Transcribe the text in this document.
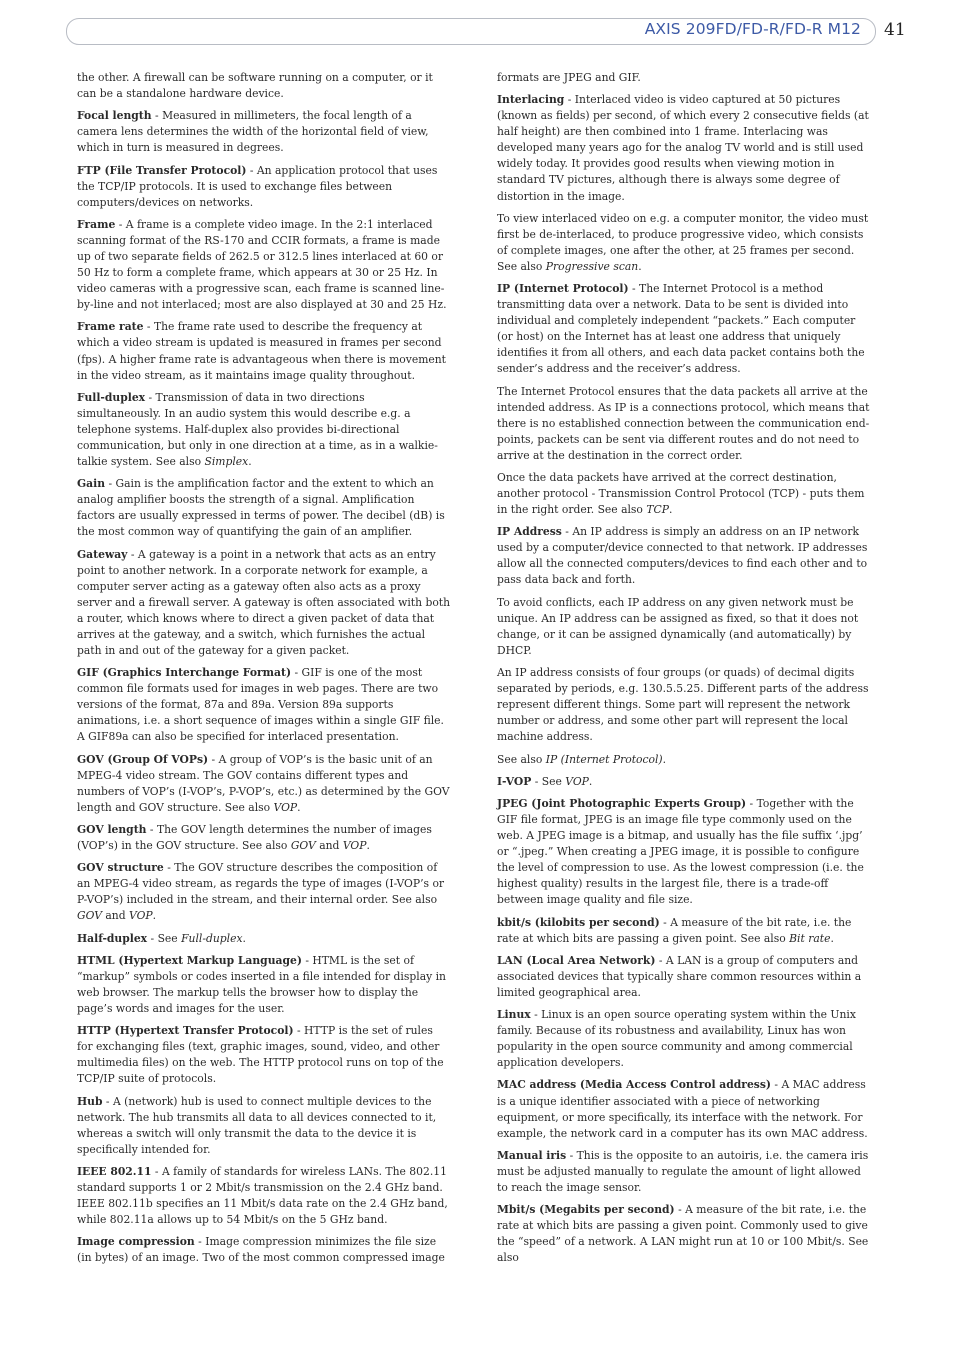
AXIS 209FD/FD-R/FD-R M12 41

the other. A firewall can be software running on a computer, or it can be a standalone hardware device.

Focal length - Measured in millimeters, the focal length of a camera lens determines the width of the horizontal field of view, which in turn is measured in degrees.

FTP (File Transfer Protocol) - An application protocol that uses the TCP/IP protocols. It is used to exchange files between computers/devices on networks.

Frame - A frame is a complete video image. In the 2:1 interlaced scanning format of the RS-170 and CCIR formats, a frame is made up of two separate fields of 262.5 or 312.5 lines interlaced at 60 or 50 Hz to form a complete frame, which appears at 30 or 25 Hz. In video cameras with a progressive scan, each frame is scanned line-by-line and not interlaced; most are also displayed at 30 and 25 Hz.

Frame rate - The frame rate used to describe the frequency at which a video stream is updated is measured in frames per second (fps). A higher frame rate is advantageous when there is movement in the video stream, as it maintains image quality throughout.

Full-duplex - Transmission of data in two directions simultaneously. In an audio system this would describe e.g. a telephone systems. Half-duplex also provides bi-directional communication, but only in one direction at a time, as in a walkie-talkie system. See also Simplex.

Gain - Gain is the amplification factor and the extent to which an analog amplifier boosts the strength of a signal. Amplification factors are usually expressed in terms of power. The decibel (dB) is the most common way of quantifying the gain of an amplifier.

Gateway - A gateway is a point in a network that acts as an entry point to another network. In a corporate network for example, a computer server acting as a gateway often also acts as a proxy server and a firewall server. A gateway is often associated with both a router, which knows where to direct a given packet of data that arrives at the gateway, and a switch, which furnishes the actual path in and out of the gateway for a given packet.

GIF (Graphics Interchange Format) - GIF is one of the most common file formats used for images in web pages. There are two versions of the format, 87a and 89a. Version 89a supports animations, i.e. a short sequence of images within a single GIF file. A GIF89a can also be specified for interlaced presentation.

GOV (Group Of VOPs) - A group of VOP’s is the basic unit of an MPEG-4 video stream. The GOV contains different types and numbers of VOP’s (I-VOP’s, P-VOP’s, etc.) as determined by the GOV length and GOV structure. See also VOP.

GOV length - The GOV length determines the number of images (VOP’s) in the GOV structure. See also GOV and VOP.

GOV structure - The GOV structure describes the composition of an MPEG-4 video stream, as regards the type of images (I-VOP’s or P-VOP’s) included in the stream, and their internal order. See also GOV and VOP.

Half-duplex - See Full-duplex.

HTML (Hypertext Markup Language) - HTML is the set of “markup” symbols or codes inserted in a file intended for display in web browser. The markup tells the browser how to display the page’s words and images for the user.

HTTP (Hypertext Transfer Protocol) - HTTP is the set of rules for exchanging files (text, graphic images, sound, video, and other multimedia files) on the web. The HTTP protocol runs on top of the TCP/IP suite of protocols.

Hub - A (network) hub is used to connect multiple devices to the network. The hub transmits all data to all devices connected to it, whereas a switch will only transmit the data to the device it is specifically intended for.

IEEE 802.11 - A family of standards for wireless LANs. The 802.11 standard supports 1 or 2 Mbit/s transmission on the 2.4 GHz band. IEEE 802.11b specifies an 11 Mbit/s data rate on the 2.4 GHz band, while 802.11a allows up to 54 Mbit/s on the 5 GHz band.

Image compression - Image compression minimizes the file size (in bytes) of an image. Two of the most common compressed image

formats are JPEG and GIF.

Interlacing - Interlaced video is video captured at 50 pictures (known as fields) per second, of which every 2 consecutive fields (at half height) are then combined into 1 frame. Interlacing was developed many years ago for the analog TV world and is still used widely today. It provides good results when viewing motion in standard TV pictures, although there is always some degree of distortion in the image.

To view interlaced video on e.g. a computer monitor, the video must first be de-interlaced, to produce progressive video, which consists of complete images, one after the other, at 25 frames per second. See also Progressive scan.

IP (Internet Protocol) - The Internet Protocol is a method transmitting data over a network. Data to be sent is divided into individual and completely independent “packets.” Each computer (or host) on the Internet has at least one address that uniquely identifies it from all others, and each data packet contains both the sender’s address and the receiver’s address.

The Internet Protocol ensures that the data packets all arrive at the intended address. As IP is a connections protocol, which means that there is no established connection between the communication end-points, packets can be sent via different routes and do not need to arrive at the destination in the correct order.

Once the data packets have arrived at the correct destination, another protocol - Transmission Control Protocol (TCP) - puts them in the right order. See also TCP.

IP Address - An IP address is simply an address on an IP network used by a computer/device connected to that network. IP addresses allow all the connected computers/devices to find each other and to pass data back and forth.

To avoid conflicts, each IP address on any given network must be unique. An IP address can be assigned as fixed, so that it does not change, or it can be assigned dynamically (and automatically) by DHCP.

An IP address consists of four groups (or quads) of decimal digits separated by periods, e.g. 130.5.5.25. Different parts of the address represent different things. Some part will represent the network number or address, and some other part will represent the local machine address.

See also IP (Internet Protocol).

I-VOP - See VOP.

JPEG (Joint Photographic Experts Group) - Together with the GIF file format, JPEG is an image file type commonly used on the web. A JPEG image is a bitmap, and usually has the file suffix ‘.jpg’ or “.jpeg.” When creating a JPEG image, it is possible to configure the level of compression to use. As the lowest compression (i.e. the highest quality) results in the largest file, there is a trade-off between image quality and file size.

kbit/s (kilobits per second) - A measure of the bit rate, i.e. the rate at which bits are passing a given point. See also Bit rate.

LAN (Local Area Network) - A LAN is a group of computers and associated devices that typically share common resources within a limited geographical area.

Linux - Linux is an open source operating system within the Unix family. Because of its robustness and availability, Linux has won popularity in the open source community and among commercial application developers.

MAC address (Media Access Control address) - A MAC address is a unique identifier associated with a piece of networking equipment, or more specifically, its interface with the network. For example, the network card in a computer has its own MAC address.

Manual iris - This is the opposite to an autoiris, i.e. the camera iris must be adjusted manually to regulate the amount of light allowed to reach the image sensor.

Mbit/s (Megabits per second) - A measure of the bit rate, i.e. the rate at which bits are passing a given point. Commonly used to give the “speed” of a network. A LAN might run at 10 or 100 Mbit/s. See also
